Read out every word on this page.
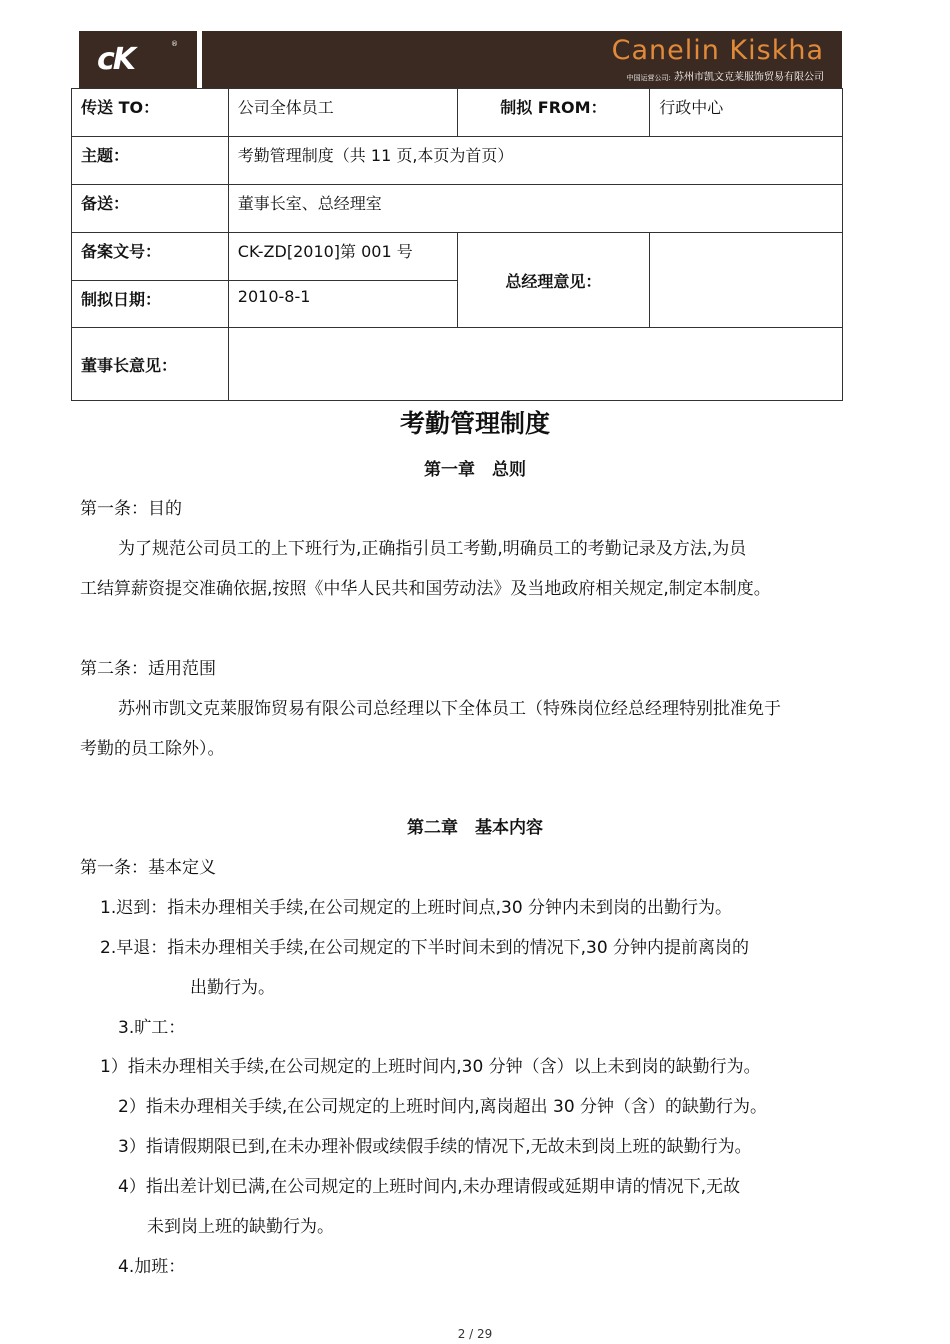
cK	®	Canelin Kiskha
中国运营公司: 苏州市凯文克莱服饰贸易有限公司
传送 TO：	公司全体员工	制拟 FROM：	行政中心
主题：	考勤管理制度（共 11 页,本页为首页）		
备送：	董事长室、总经理室		
备案文号：	CK-ZD[2010]第 001 号	总经理意见：	
制拟日期：	2010-8-1		
董事长意见：			
考勤管理制度
第一章　总则
第一条：目的
为了规范公司员工的上下班行为,正确指引员工考勤,明确员工的考勤记录及方法,为员
工结算薪资提交准确依据,按照《中华人民共和国劳动法》及当地政府相关规定,制定本制度。
第二条：适用范围
苏州市凯文克莱服饰贸易有限公司总经理以下全体员工（特殊岗位经总经理特别批准免于
考勤的员工除外）。
第二章　基本内容
第一条：基本定义
1.迟到：指未办理相关手续,在公司规定的上班时间点,30 分钟内未到岗的出勤行为。
2.早退：指未办理相关手续,在公司规定的下半时间未到的情况下,30 分钟内提前离岗的
出勤行为。
3.旷工：
1）指未办理相关手续,在公司规定的上班时间内,30 分钟（含）以上未到岗的缺勤行为。
2）指未办理相关手续,在公司规定的上班时间内,离岗超出 30 分钟（含）的缺勤行为。
3）指请假期限已到,在未办理补假或续假手续的情况下,无故未到岗上班的缺勤行为。
4）指出差计划已满,在公司规定的上班时间内,未办理请假或延期申请的情况下,无故
未到岗上班的缺勤行为。
4.加班：
2 / 29
